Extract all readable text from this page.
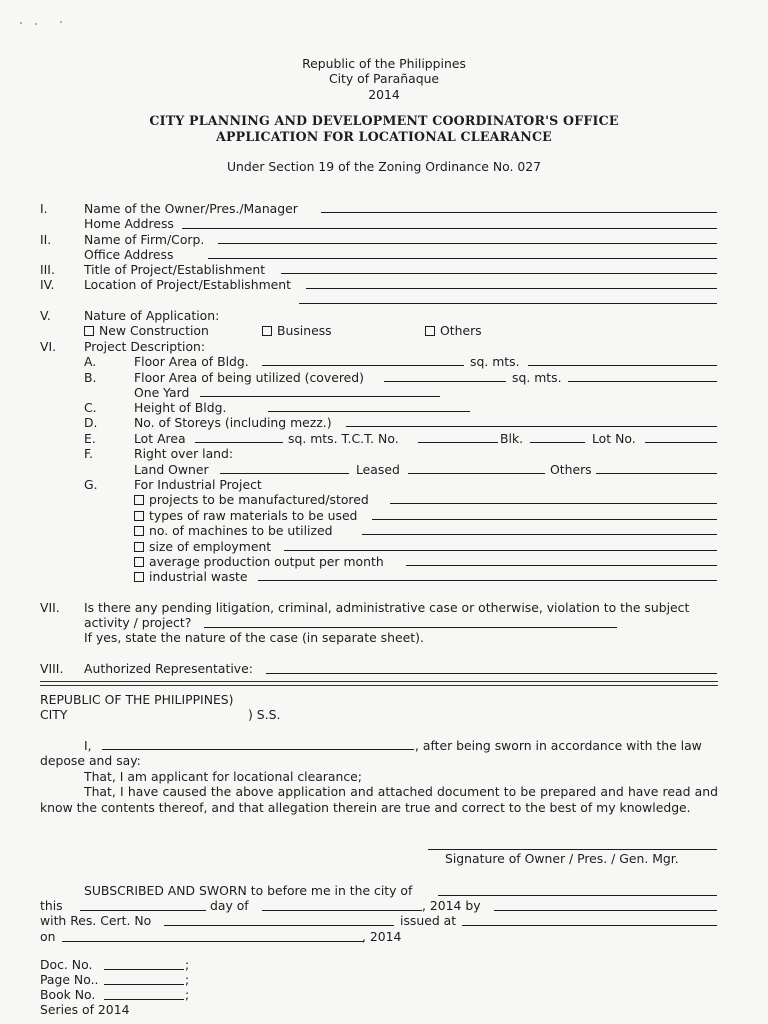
Republic of the Philippines
City of Parañaque
2014
CITY PLANNING AND DEVELOPMENT COORDINATOR'S OFFICE
APPLICATION FOR LOCATIONAL CLEARANCE
Under Section 19 of the Zoning Ordinance No. 027
I.	Name of the Owner/Pres./Manager
Home Address
II.	Name of Firm/Corp.
Office Address
III. Title of Project/Establishment
IV. Location of Project/Establishment
V.	Nature of Application:
New Construction	Business	Others
VI. Project Description:
A.	Floor Area of Bldg.	sq. mts.
B.	Floor Area of being utilized (covered)	sq. mts.
One Yard
C.	Height of Bldg.
D.	No. of Storeys (including mezz.)
E.	Lot Area	sq. mts. T.C.T. No.	Blk.	Lot No.
F.	Right over land:
Land Owner	Leased	Others
G.	For Industrial Project
projects to be manufactured/stored
types of raw materials to be used
no. of machines to be utilized
size of employment
average production output per month
industrial waste
VII. Is there any pending litigation, criminal, administrative case or otherwise, violation to the subject
activity / project?
If yes, state the nature of the case (in separate sheet).
VIII. Authorized Representative:
REPUBLIC OF THE PHILIPPINES)
CITY	) S.S.
I,	, after being sworn in accordance with the law
depose and say:
That, I am applicant for locational clearance;
That, I have caused the above application and attached document to be prepared and have read and know the contents thereof, and that allegation therein are true and correct to the best of my knowledge.
Signature of Owner / Pres. / Gen. Mgr.
SUBSCRIBED AND SWORN to before me in the city of
this	day of	, 2014 by
with Res. Cert. No	issued at
on	, 2014
Doc. No.	;
Page No..	;
Book No.	;
Series of 2014
